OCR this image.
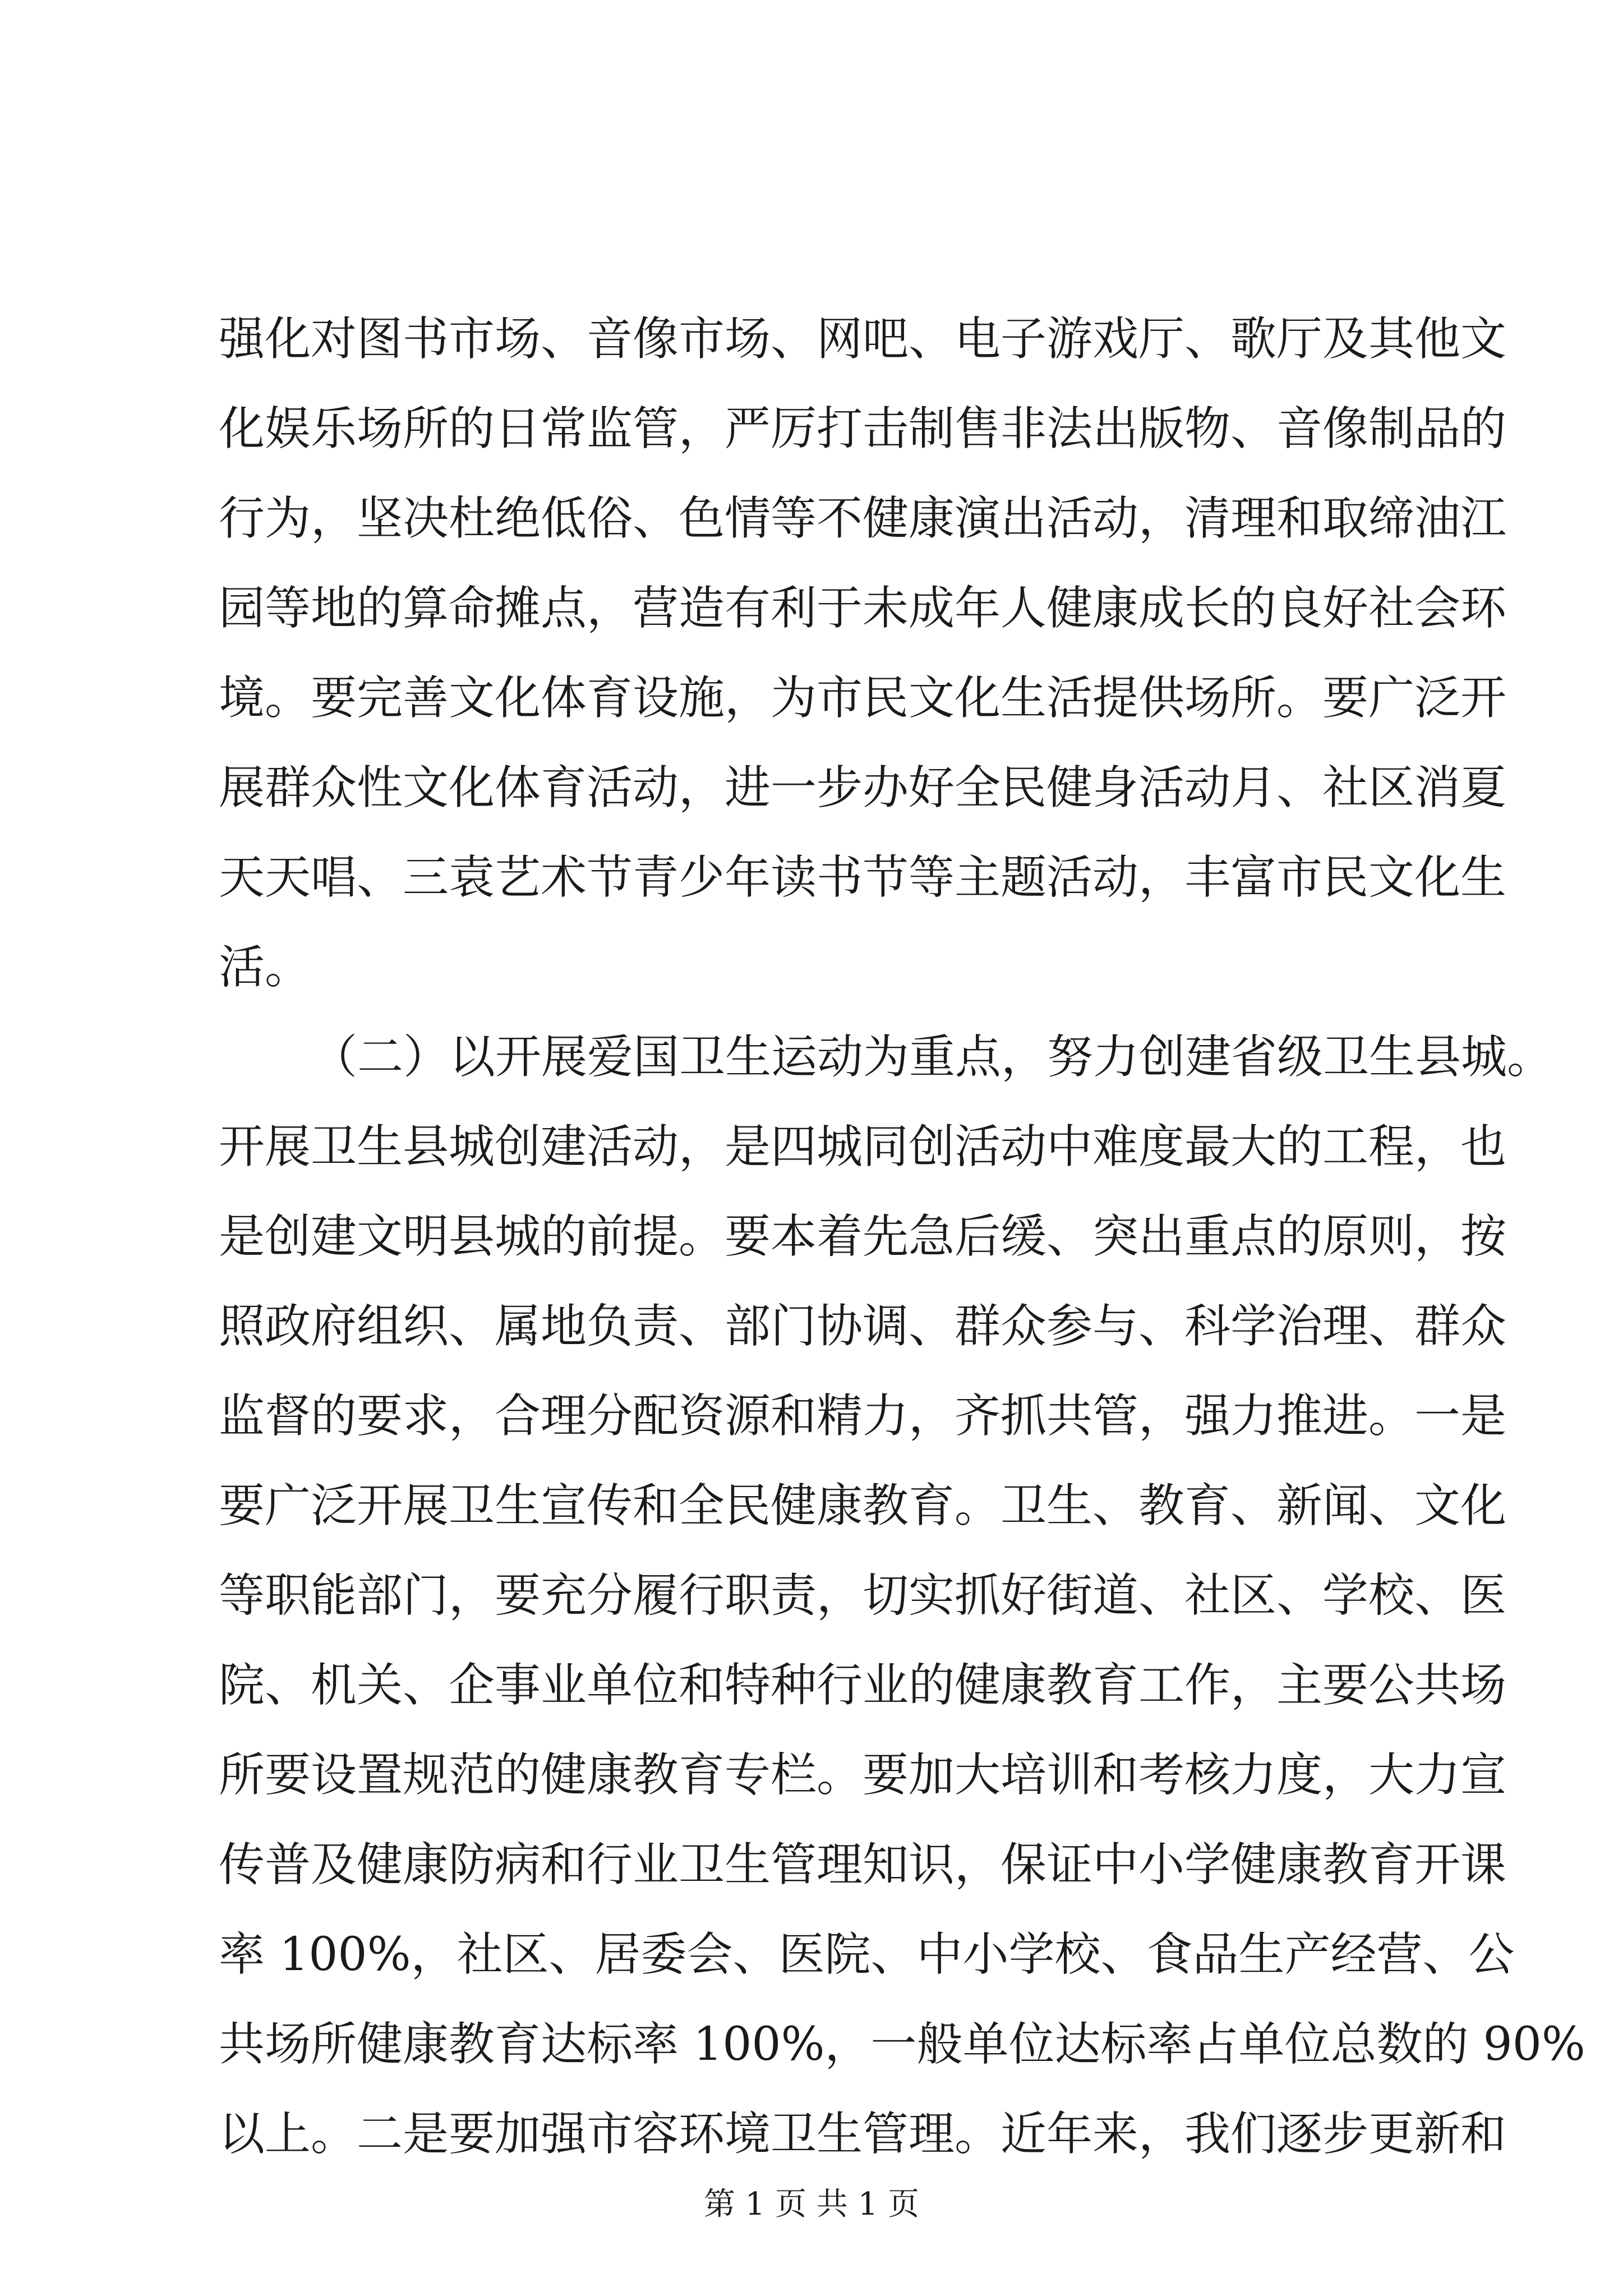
强化对图书市场、音像市场、网吧、电子游戏厅、歌厅及其他文
化娱乐场所的日常监管，严厉打击制售非法出版物、音像制品的
行为，坚决杜绝低俗、色情等不健康演出活动，清理和取缔油江
园等地的算命摊点，营造有利于未成年人健康成长的良好社会环
境。要完善文化体育设施，为市民文化生活提供场所。要广泛开
展群众性文化体育活动，进一步办好全民健身活动月、社区消夏
天天唱、三袁艺术节青少年读书节等主题活动，丰富市民文化生
活。
（二）以开展爱国卫生运动为重点，努力创建省级卫生县城。
开展卫生县城创建活动，是四城同创活动中难度最大的工程，也
是创建文明县城的前提。要本着先急后缓、突出重点的原则，按
照政府组织、属地负责、部门协调、群众参与、科学治理、群众
监督的要求，合理分配资源和精力，齐抓共管，强力推进。一是
要广泛开展卫生宣传和全民健康教育。卫生、教育、新闻、文化
等职能部门，要充分履行职责，切实抓好街道、社区、学校、医
院、机关、企事业单位和特种行业的健康教育工作，主要公共场
所要设置规范的健康教育专栏。要加大培训和考核力度，大力宣
传普及健康防病和行业卫生管理知识，保证中小学健康教育开课
率 100%，社区、居委会、医院、中小学校、食品生产经营、公
共场所健康教育达标率 100%，一般单位达标率占单位总数的 90%
以上。二是要加强市容环境卫生管理。近年来，我们逐步更新和
第 1 页 共 1 页
